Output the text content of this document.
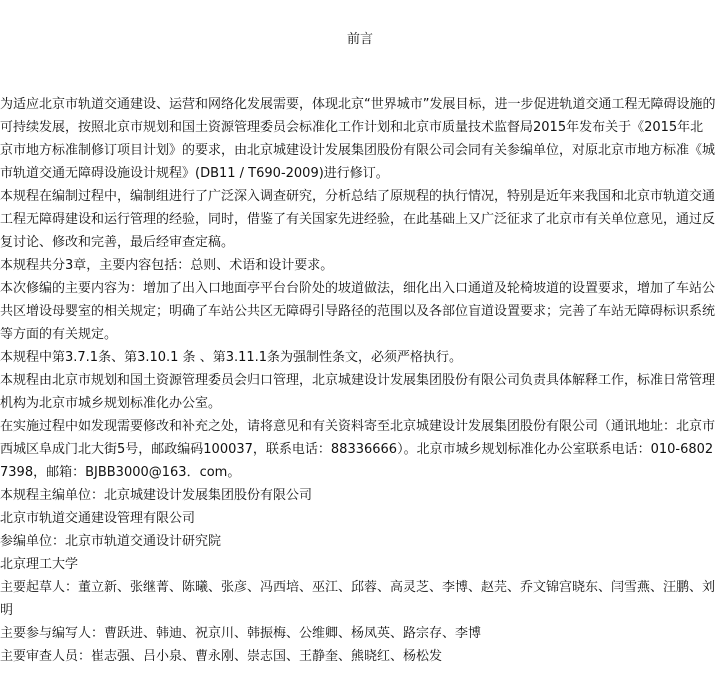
前言

为适应北京市轨道交通建设、运营和网络化发展需要，体现北京“世界城市”发展目标，进一步促进轨道交通工程无障碍设施的可持续发展，按照北京市规划和国土资源管理委员会标准化工作计划和北京市质量技术监督局2015年发布关于《2015年北京市地方标准制修订项目计划》的要求，由北京城建设计发展集团股份有限公司会同有关参编单位，对原北京市地方标准《城市轨道交通无障碍设施设计规程》(DB11 / T690-2009)进行修订。

本规程在编制过程中，编制组进行了广泛深入调查研究，分析总结了原规程的执行情况，特别是近年来我国和北京市轨道交通工程无障碍建设和运行管理的经验，同时，借鉴了有关国家先进经验，在此基础上又广泛征求了北京市有关单位意见，通过反复讨论、修改和完善，最后经审查定稿。

本规程共分3章，主要内容包括：总则、术语和设计要求。

本次修编的主要内容为：增加了出入口地面亭平台台阶处的坡道做法，细化出入口通道及轮椅坡道的设置要求，增加了车站公共区增设母婴室的相关规定；明确了车站公共区无障碍引导路径的范围以及各部位盲道设置要求；完善了车站无障碍标识系统等方面的有关规定。

本规程中第3.7.1条、第3.10.1 条 、第3.11.1条为强制性条文，必须严格执行。

本规程由北京市规划和国土资源管理委员会归口管理，北京城建设计发展集团股份有限公司负责具体解释工作，标准日常管理机构为北京市城乡规划标准化办公室。

在实施过程中如发现需要修改和补充之处，请将意见和有关资料寄至北京城建设计发展集团股份有限公司（通讯地址：北京市西城区阜成门北大街5号，邮政编码100037，联系电话：88336666）。北京市城乡规划标准化办公室联系电话：010-68027398，邮箱：BJBB3000@163．com。

本规程主编单位：北京城建设计发展集团股份有限公司

北京市轨道交通建设管理有限公司

参编单位：北京市轨道交通设计研究院

北京理工大学

主要起草人：董立新、张继菁、陈曦、张彦、冯西培、巫江、邱蓉、高灵芝、李博、赵芫、乔文锦宫晓东、闫雪燕、汪鹏、刘明

主要参与编写人：曹跃进、韩迪、祝京川、韩振梅、公维卿、杨凤英、路宗存、李博

主要审查人员：崔志强、吕小泉、曹永刚、崇志国、王静奎、熊晓红、杨松发
